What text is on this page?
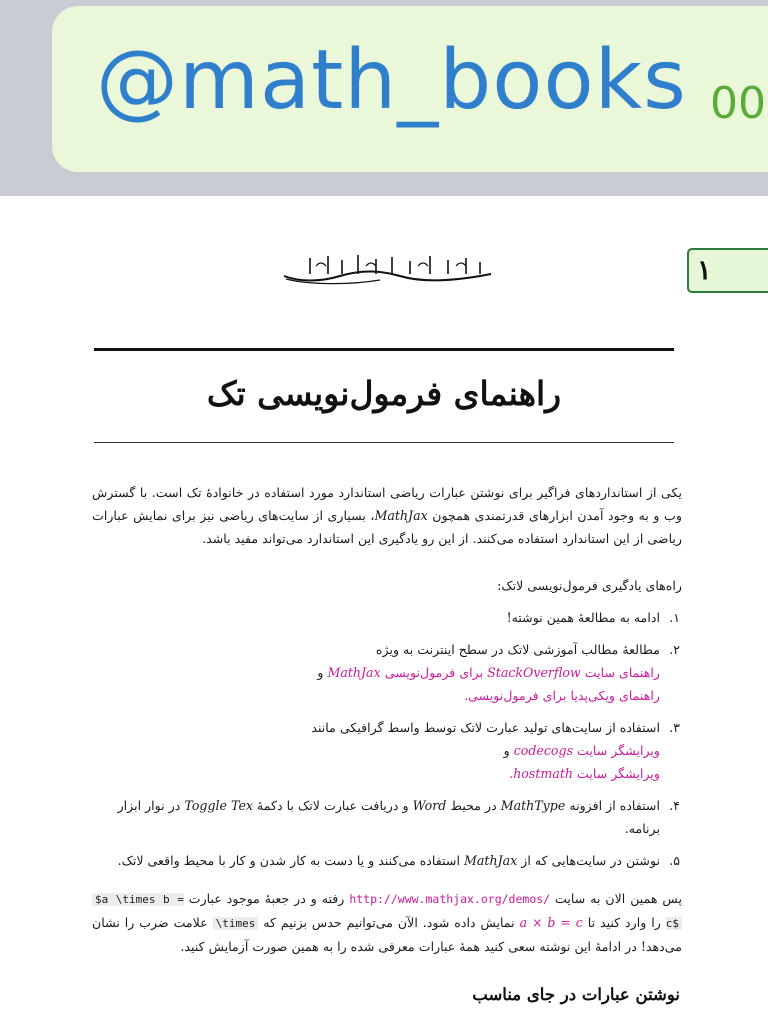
@math_books 00
۱
راهنمای فرمول‌نویسی تک
یکی از استانداردهای فراگیر برای نوشتن عبارات ریاضی استاندارد مورد استفاده در خانوادهٔ تک است. با گسترش وب و به وجود آمدن ابزارهای قدرتمندی همچون MathJax، بسیاری از سایت‌های ریاضی نیز برای نمایش عبارات ریاضی از این استاندارد استفاده می‌کنند. از این رو یادگیری این استاندارد می‌تواند مفید باشد.
راه‌های یادگیری فرمول‌نویسی لاتک:
۱.
ادامه به مطالعهٔ همین نوشته!
۲.
مطالعهٔ مطالب آموزشی لاتک در سطح اینترنت به ویژه
راهنمای سایت StackOverflow برای فرمول‌نویسی MathJax و
راهنمای ویکی‌پدیا برای فرمول‌نویسی.
۳.
استفاده از سایت‌های تولید عبارت لاتک توسط واسط گرافیکی مانند
ویرایشگر سایت codecogs و
ویرایشگر سایت hostmath.
۴.
استفاده از افزونه MathType در محیط Word و دریافت عبارت لاتک با دکمهٔ Toggle Tex در نوار ابزار برنامه.
۵.
نوشتن در سایت‌هایی که از MathJax استفاده می‌کنند و یا دست به کار شدن و کار با محیط واقعی لاتک.
پس همین الان به سایت http://www.mathjax.org/demos/ رفته و در جعبهٔ موجود عبارت $a \times b = c$ را وارد کنید تا a × b = c نمایش داده شود. الآن می‌توانیم حدس بزنیم که \times علامت ضرب را نشان می‌دهد! در ادامهٔ این نوشته سعی کنید همهٔ عبارات معرفی شده را به همین صورت آزمایش کنید.
نوشتن عبارات در جای مناسب
